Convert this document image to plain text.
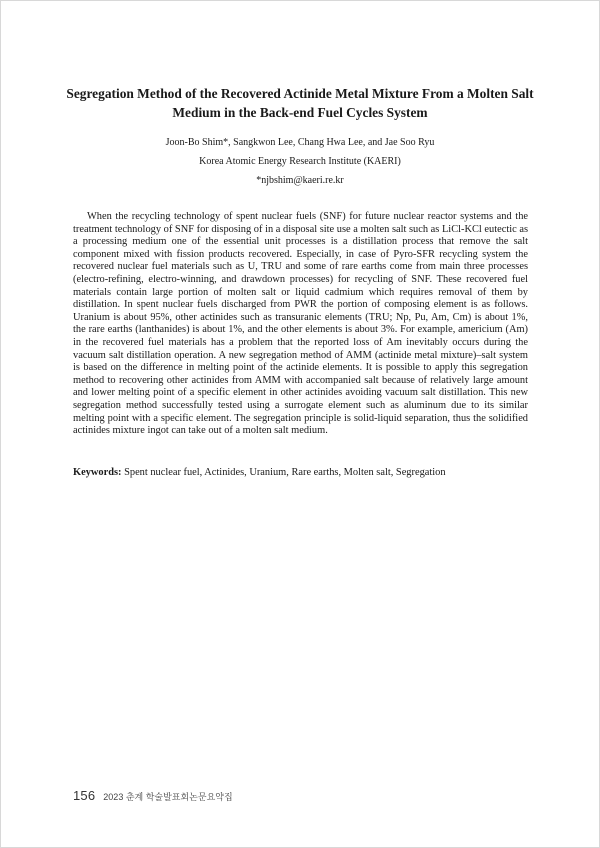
Segregation Method of the Recovered Actinide Metal Mixture From a Molten Salt Medium in the Back-end Fuel Cycles System
Joon-Bo Shim*, Sangkwon Lee, Chang Hwa Lee, and Jae Soo Ryu
Korea Atomic Energy Research Institute (KAERI)
*njbshim@kaeri.re.kr

When the recycling technology of spent nuclear fuels (SNF) for future nuclear reactor systems and the treatment technology of SNF for disposing of in a disposal site use a molten salt such as LiCl-KCl eutectic as a processing medium one of the essential unit processes is a distillation process that remove the salt component mixed with fission products recovered. Especially, in case of Pyro-SFR recycling system the recovered nuclear fuel materials such as U, TRU and some of rare earths come from main three processes (electro-refining, electro-winning, and drawdown processes) for recycling of SNF. These recovered fuel materials contain large portion of molten salt or liquid cadmium which requires removal of them by distillation. In spent nuclear fuels discharged from PWR the portion of composing element is as follows. Uranium is about 95%, other actinides such as transuranic elements (TRU; Np, Pu, Am, Cm) is about 1%, the rare earths (lanthanides) is about 1%, and the other elements is about 3%. For example, americium (Am) in the recovered fuel materials has a problem that the reported loss of Am inevitably occurs during the vacuum salt distillation operation. A new segregation method of AMM (actinide metal mixture)–salt system is based on the difference in melting point of the actinide elements. It is possible to apply this segregation method to recovering other actinides from AMM with accompanied salt because of relatively large amount and lower melting point of a specific element in other actinides avoiding vacuum salt distillation. This new segregation method successfully tested using a surrogate element such as aluminum due to its similar melting point with a specific element. The segregation principle is solid-liquid separation, thus the solidified actinides mixture ingot can take out of a molten salt medium.

Keywords: Spent nuclear fuel, Actinides, Uranium, Rare earths, Molten salt, Segregation

156 2023 춘계 학술발표회논문요약집
